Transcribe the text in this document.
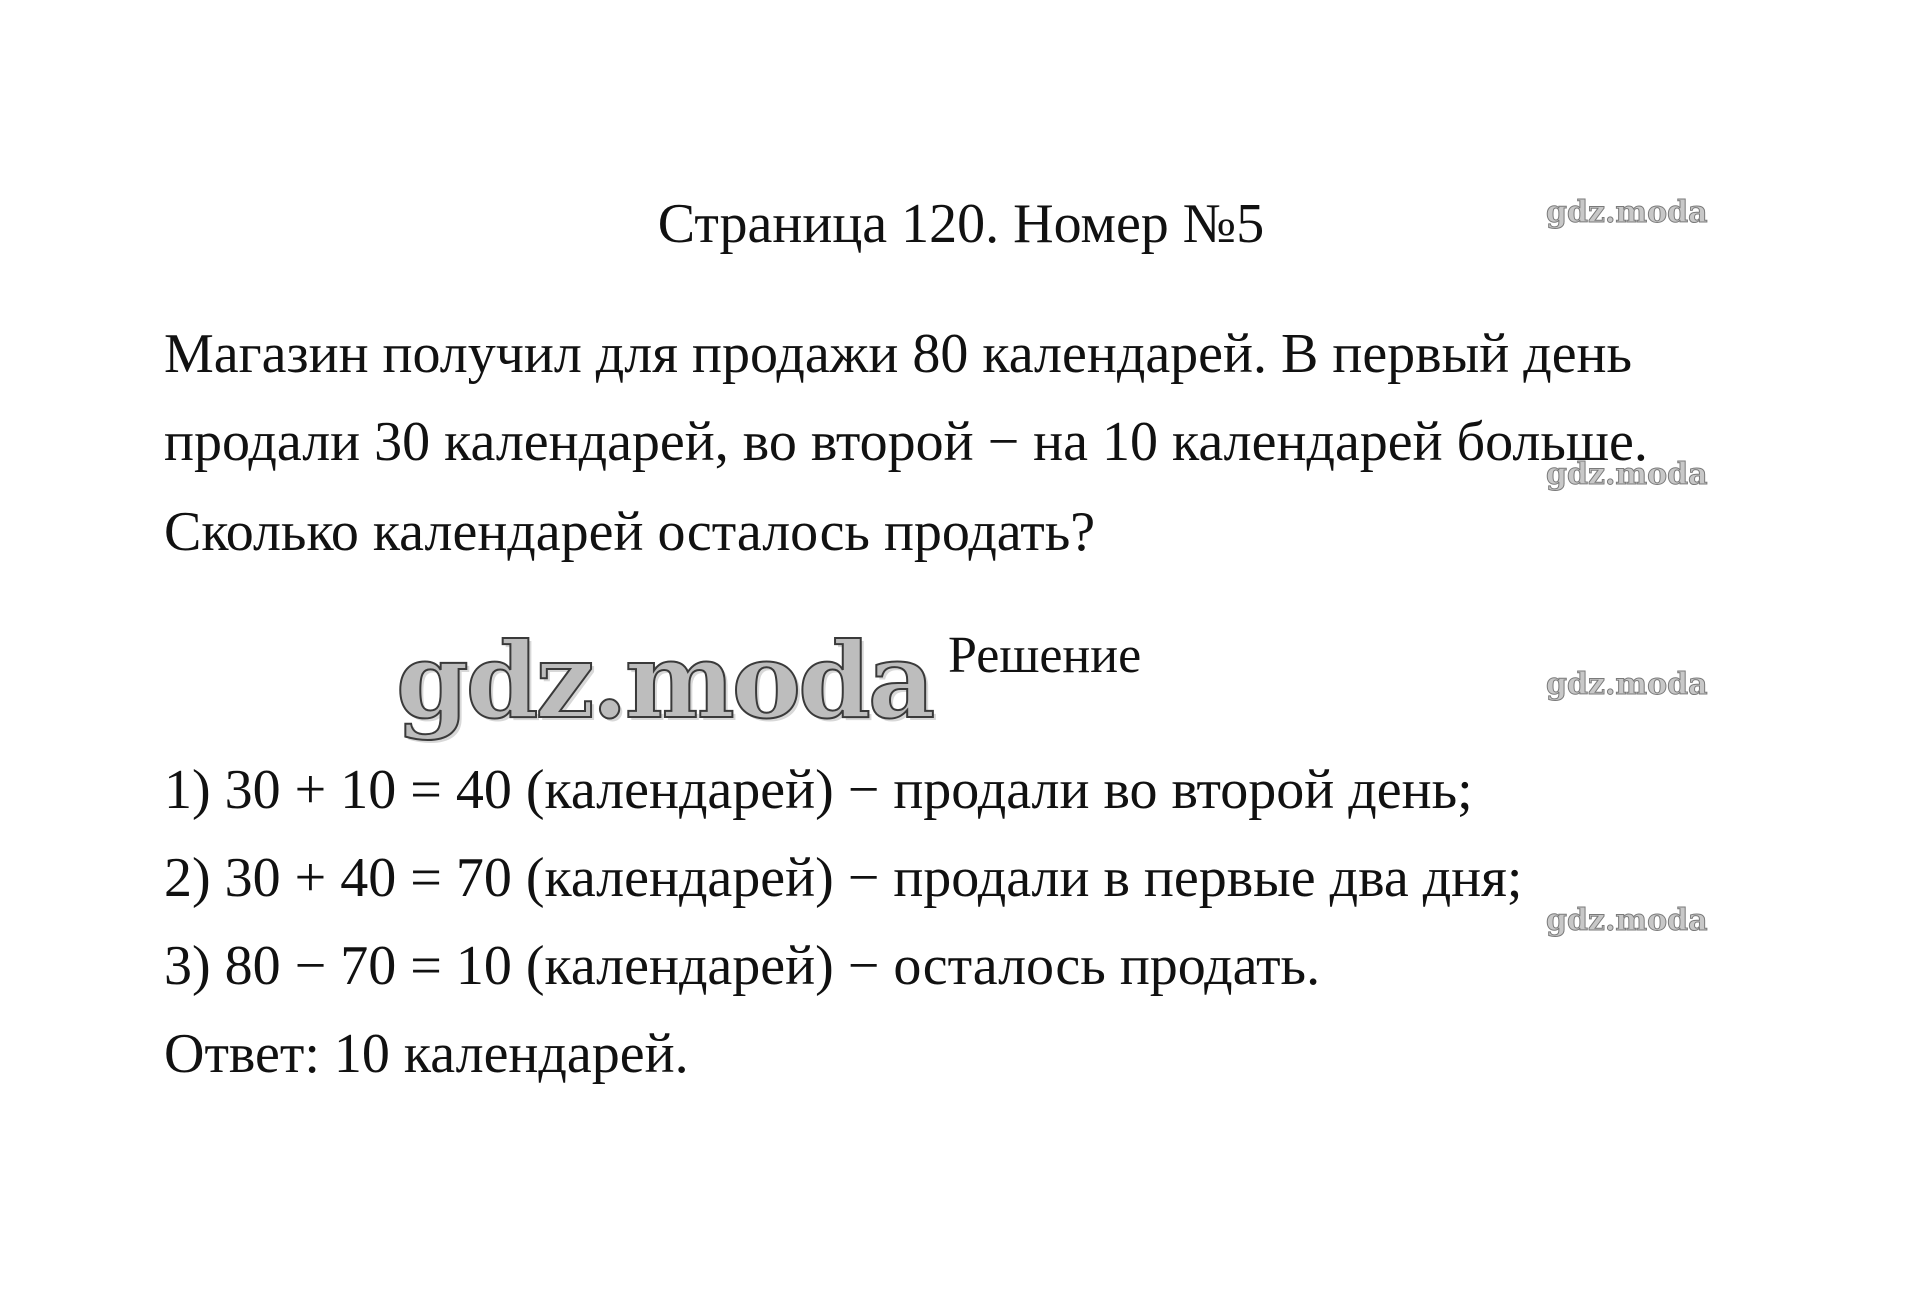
Страница 120. Номер №5
Магазин получил для продажи 80 календарей. В первый день
продали 30 календарей, во второй − на 10 календарей больше.
Сколько календарей осталось продать?
gdz.moda Решение
1) 30 + 10 = 40 (календарей) − продали во второй день;
2) 30 + 40 = 70 (календарей) − продали в первые два дня;
3) 80 − 70 = 10 (календарей) − осталось продать.
Ответ: 10 календарей.
gdz.moda
gdz.moda
gdz.moda
gdz.moda
